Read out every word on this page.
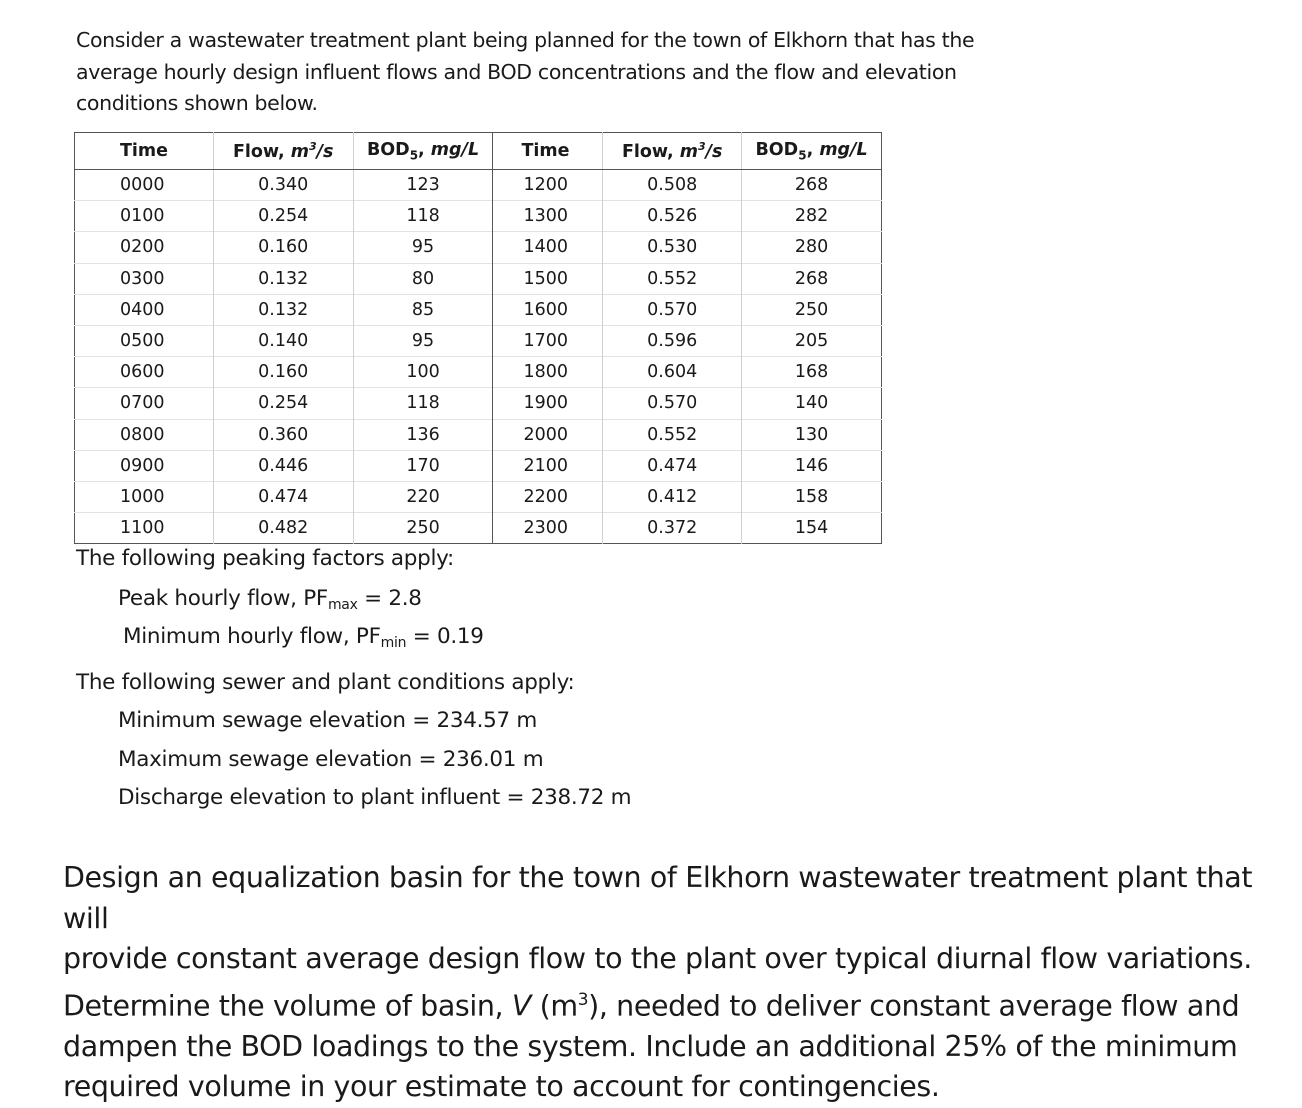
Consider a wastewater treatment plant being planned for the town of Elkhorn that has the
average hourly design influent flows and BOD concentrations and the flow and elevation
conditions shown below.
Time	Flow, $m^3/s$	$BOD_5$, mg/L	Time	Flow, $m^3/s$	$BOD_5$, mg/L
0000	0.340	123	1200	0.508	268
0100	0.254	118	1300	0.526	282
0200	0.160	95	1400	0.530	280
0300	0.132	80	1500	0.552	268
0400	0.132	85	1600	0.570	250
0500	0.140	95	1700	0.596	205
0600	0.160	100	1800	0.604	168
0700	0.254	118	1900	0.570	140
0800	0.360	136	2000	0.552	130
0900	0.446	170	2100	0.474	146
1000	0.474	220	2200	0.412	158
1100	0.482	250	2300	0.372	154
The following peaking factors apply:
Peak hourly flow, $PF_{max} = 2.8$
Minimum hourly flow, $PF_{min} = 0.19$
The following sewer and plant conditions apply:
Minimum sewage elevation = 234.57 m
Maximum sewage elevation = 236.01 m
Discharge elevation to plant influent = 238.72 m
Design an equalization basin for the town of Elkhorn wastewater treatment plant that will
provide constant average design flow to the plant over typical diurnal flow variations.
Determine the volume of basin, V $(m^3)$, needed to deliver constant average flow and
dampen the BOD loadings to the system. Include an additional 25% of the minimum
required volume in your estimate to account for contingencies.
